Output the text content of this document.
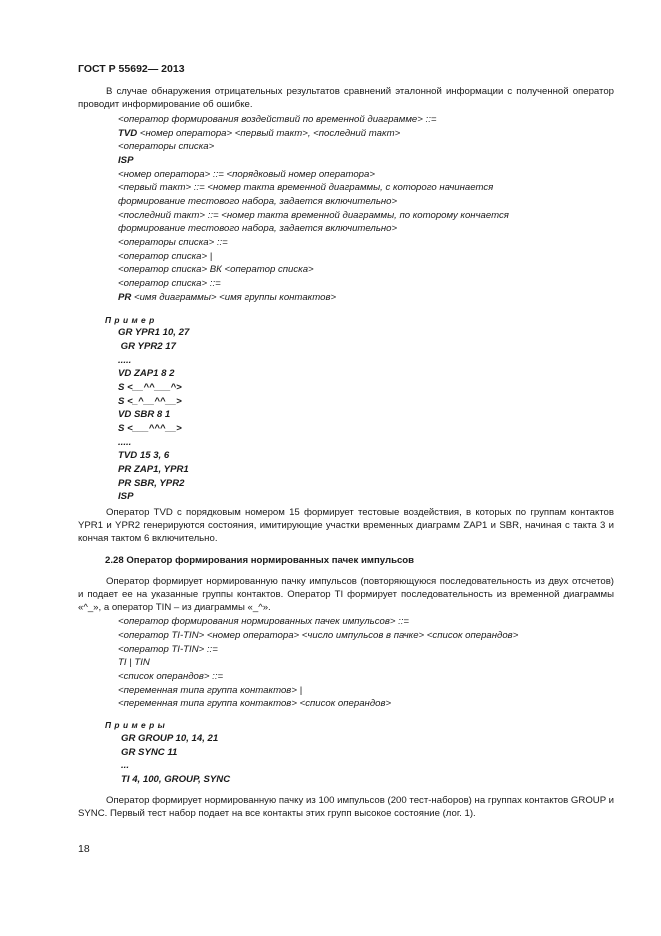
ГОСТ Р 55692— 2013

В случае обнаружения отрицательных результатов сравнений эталонной информации с полученной оператор проводит информирование об ошибке.

<оператор формирования воздействий по временной диаграмме> ::=
TVD <номер оператора> <первый такт>, <последний такт>
<операторы списка>
ISP
<номер оператора> ::= <порядковый номер оператора>
<первый такт> ::= <номер такта временной диаграммы, с которого начинается
формирование тестового набора, задается включительно>
<последний такт> ::= <номер такта временной диаграммы, по которому кончается
формирование тестового набора, задается включительно>
<операторы списка> ::=
<оператор списка> |
<оператор списка> ВК <оператор списка>
<оператор списка> ::=
PR <имя диаграммы> <имя группы контактов>
Пример
GR YPR1 10, 27
GR YPR2 17
.....
VD ZAP1 8 2
S <__^^___^>
S <_^__^^__>
VD SBR 8 1
S <___^^^__>
.....
TVD 15 3, 6
PR ZAP1, YPR1
PR SBR, YPR2
ISP

Оператор TVD с порядковым номером 15 формирует тестовые воздействия, в которых по группам контактов YPR1 и YPR2 генерируются состояния, имитирующие участки временных диаграмм ZAP1 и SBR, начиная с такта 3 и кончая тактом 6 включительно.

2.28 Оператор формирования нормированных пачек импульсов

Оператор формирует нормированную пачку импульсов (повторяющуюся последовательность из двух отсчетов) и подает ее на указанные группы контактов. Оператор TI формирует последовательность из временной диаграммы «^_», а оператор TIN – из диаграммы «_^».

<оператор формирования нормированных пачек импульсов> ::=
<оператор TI-TIN> <номер оператора> <число импульсов в пачке> <список операндов>
<оператор TI-TIN> ::=
TI | TIN
<список операндов> ::=
<переменная типа группа контактов> |
<переменная типа группа контактов> <список операндов>
Примеры
GR GROUP 10, 14, 21
GR SYNC 11
...
TI 4, 100, GROUP, SYNC

Оператор формирует нормированную пачку из 100 импульсов (200 тест-наборов) на группах контактов GROUP и SYNC. Первый тест набор подает на все контакты этих групп высокое состояние (лог. 1).

18
